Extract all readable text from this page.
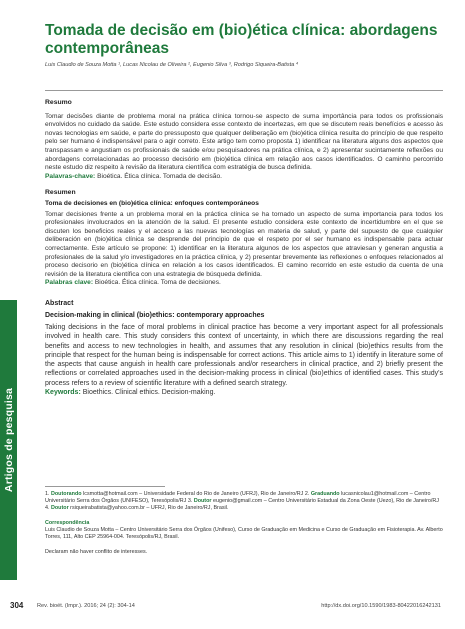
Artigos de pesquisa
Tomada de decisão em (bio)ética clínica: abordagens contemporâneas
Luis Claudio de Souza Motta ¹, Lucas Nicolau de Oliveira ², Eugenio Silva ³, Rodrigo Siqueira-Batista ⁴
Resumo
Tomar decisões diante de problema moral na prática clínica tornou-se aspecto de suma importância para todos os profissionais envolvidos no cuidado da saúde. Este estudo considera esse contexto de incertezas, em que se discutem reais benefícios e acesso às novas tecnologias em saúde, e parte do pressuposto que qualquer deliberação em (bio)ética clínica resulta do princípio de que respeito pelo ser humano é indispensável para o agir correto. Este artigo tem como proposta 1) identificar na literatura alguns dos aspectos que transpassam e angustiam os profissionais de saúde e/ou pesquisadores na prática clínica, e 2) apresentar sucintamente reflexões ou abordagens correlacionadas ao processo decisório em (bio)ética clínica em relação aos casos identificados. O caminho percorrido neste estudo diz respeito à revisão da literatura científica com estratégia de busca definida.
Palavras-chave: Bioética. Ética clínica. Tomada de decisão.
Resumen
Toma de decisiones en (bio)ética clínica: enfoques contemporáneos
Tomar decisiones frente a un problema moral en la práctica clínica se ha tornado un aspecto de suma importancia para todos los profesionales involucrados en la atención de la salud. El presente estudio considera este contexto de incertidumbre en el que se discuten los beneficios reales y el acceso a las nuevas tecnologías en materia de salud, y parte del supuesto de que cualquier deliberación en (bio)ética clínica se desprende del principio de que el respeto por el ser humano es indispensable para actuar correctamente. Este artículo se propone: 1) identificar en la literatura algunos de los aspectos que atraviesan y generan angustia a profesionales de la salud y/o investigadores en la práctica clínica, y 2) presentar brevemente las reflexiones o enfoques relacionados al proceso decisorio en (bio)ética clínica en relación a los casos identificados. El camino recorrido en este estudio da cuenta de una revisión de la literatura científica con una estrategia de búsqueda definida.
Palabras clave: Bioética. Ética clínica. Toma de decisiones.
Abstract
Decision-making in clinical (bio)ethics: contemporary approaches
Taking decisions in the face of moral problems in clinical practice has become a very important aspect for all professionals involved in health care. This study considers this context of uncertainty, in which there are discussions regarding the real benefits and access to new technologies in health, and assumes that any resolution in clinical (bio)ethics results from the principle that respect for the human being is indispensable for correct actions. This article aims to 1) identify in literature some of the aspects that cause anguish in health care professionals and/or researchers in clinical practice, and 2) briefly present the reflections or correlated approaches used in the decision-making process in clinical (bio)ethics of identified cases. This study's process refers to a review of scientific literature with a defined search strategy.
Keywords: Bioethics. Clinical ethics. Decision-making.
1. Doutorando lcsmotta@hotmail.com – Universidade Federal do Rio de Janeiro (UFRJ), Rio de Janeiro/RJ 2. Graduando lucasnicolau1@hotmail.com – Centro Universitário Serra dos Órgãos (UNIFESO), Teresópolis/RJ 3. Doutor eugenio@gmail.com – Centro Universitário Estadual da Zona Oeste (Uezo), Rio de Janeiro/RJ 4. Doutor rsiqueirabatista@yahoo.com.br – UFRJ, Rio de Janeiro/RJ, Brasil.
Correspondência
Luis Claudio de Souza Motta – Centro Universitário Serra dos Órgãos (Unifeso), Curso de Graduação em Medicina e Curso de Graduação em Fisioterapia. Av. Alberto Torres, 111, Alto CEP 25964-004. Teresópolis/RJ, Brasil.
Declaram não haver conflito de interesses.
304 Rev. bioét. (Impr.). 2016; 24 (2): 304-14	http://dx.doi.org/10.1590/1983-80422016242131
